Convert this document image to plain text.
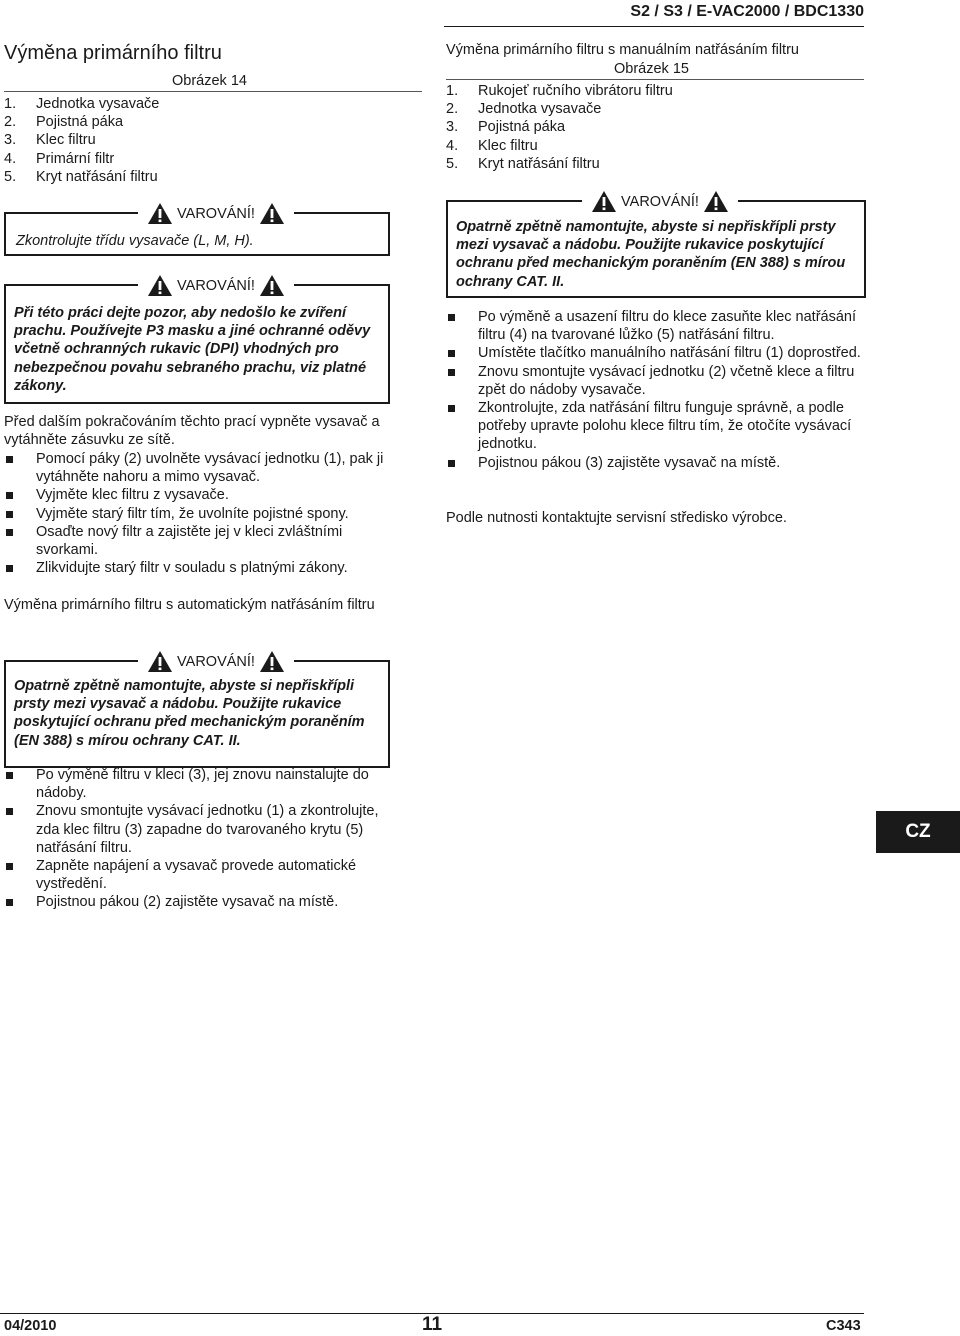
S2 / S3 / E-VAC2000 / BDC1330
Výměna primárního filtru
Obrázek 14
1.	Jednotka vysavače
2.	Pojistná páka
3.	Klec filtru
4.	Primární filtr
5.	Kryt natřásání filtru
VAROVÁNÍ!
Zkontrolujte třídu vysavače (L, M, H).
VAROVÁNÍ!
Při této práci dejte pozor, aby nedošlo ke zvíření prachu. Používejte P3 masku a jiné ochranné oděvy včetně ochranných rukavic (DPI) vhodných pro nebezpečnou povahu sebraného prachu, viz platné zákony.

Před dalším pokračováním těchto prací vypněte vysavač a vytáhněte zásuvku ze sítě.

Pomocí páky (2) uvolněte vysávací jednotku (1), pak ji vytáhněte nahoru a mimo vysavač.
Vyjměte klec filtru z vysavače.
Vyjměte starý filtr tím, že uvolníte pojistné spony.
Osaďte nový filtr a zajistěte jej v kleci zvláštními svorkami.
Zlikvidujte starý filtr v souladu s platnými zákony.
Výměna primárního filtru s automatickým natřásáním filtru
VAROVÁNÍ!
Opatrně zpětně namontujte, abyste si nepřiskřípli prsty mezi vysavač a nádobu. Použijte rukavice poskytující ochranu před mechanickým poraněním (EN 388) s mírou ochrany CAT. II.
Po výměně filtru v kleci (3), jej znovu nainstalujte do nádoby.
Znovu smontujte vysávací jednotku (1) a zkontrolujte, zda klec filtru (3) zapadne do tvarovaného krytu (5) natřásání filtru.
Zapněte napájení a vysavač provede automatické vystředění.
Pojistnou pákou (2) zajistěte vysavač na místě.
Výměna primárního filtru s manuálním natřásáním filtru
Obrázek 15
1.	Rukojeť ručního vibrátoru filtru
2.	Jednotka vysavače
3.	Pojistná páka
4.	Klec filtru
5.	Kryt natřásání filtru
VAROVÁNÍ!
Opatrně zpětně namontujte, abyste si nepřiskřípli prsty mezi vysavač a nádobu. Použijte rukavice poskytující ochranu před mechanickým poraněním (EN 388) s mírou ochrany CAT. II.
Po výměně a usazení filtru do klece zasuňte klec natřásání filtru (4) na tvarované lůžko (5) natřásání filtru.
Umístěte tlačítko manuálního natřásání filtru (1) doprostřed.
Znovu smontujte vysávací jednotku (2) včetně klece a filtru zpět do nádoby vysavače.
Zkontrolujte, zda natřásání filtru funguje správně, a podle potřeby upravte polohu klece filtru tím, že otočíte vysávací jednotku.
Pojistnou pákou (3) zajistěte vysavač na místě.

Podle nutnosti kontaktujte servisní středisko výrobce.

CZ
04/2010	11	C343
